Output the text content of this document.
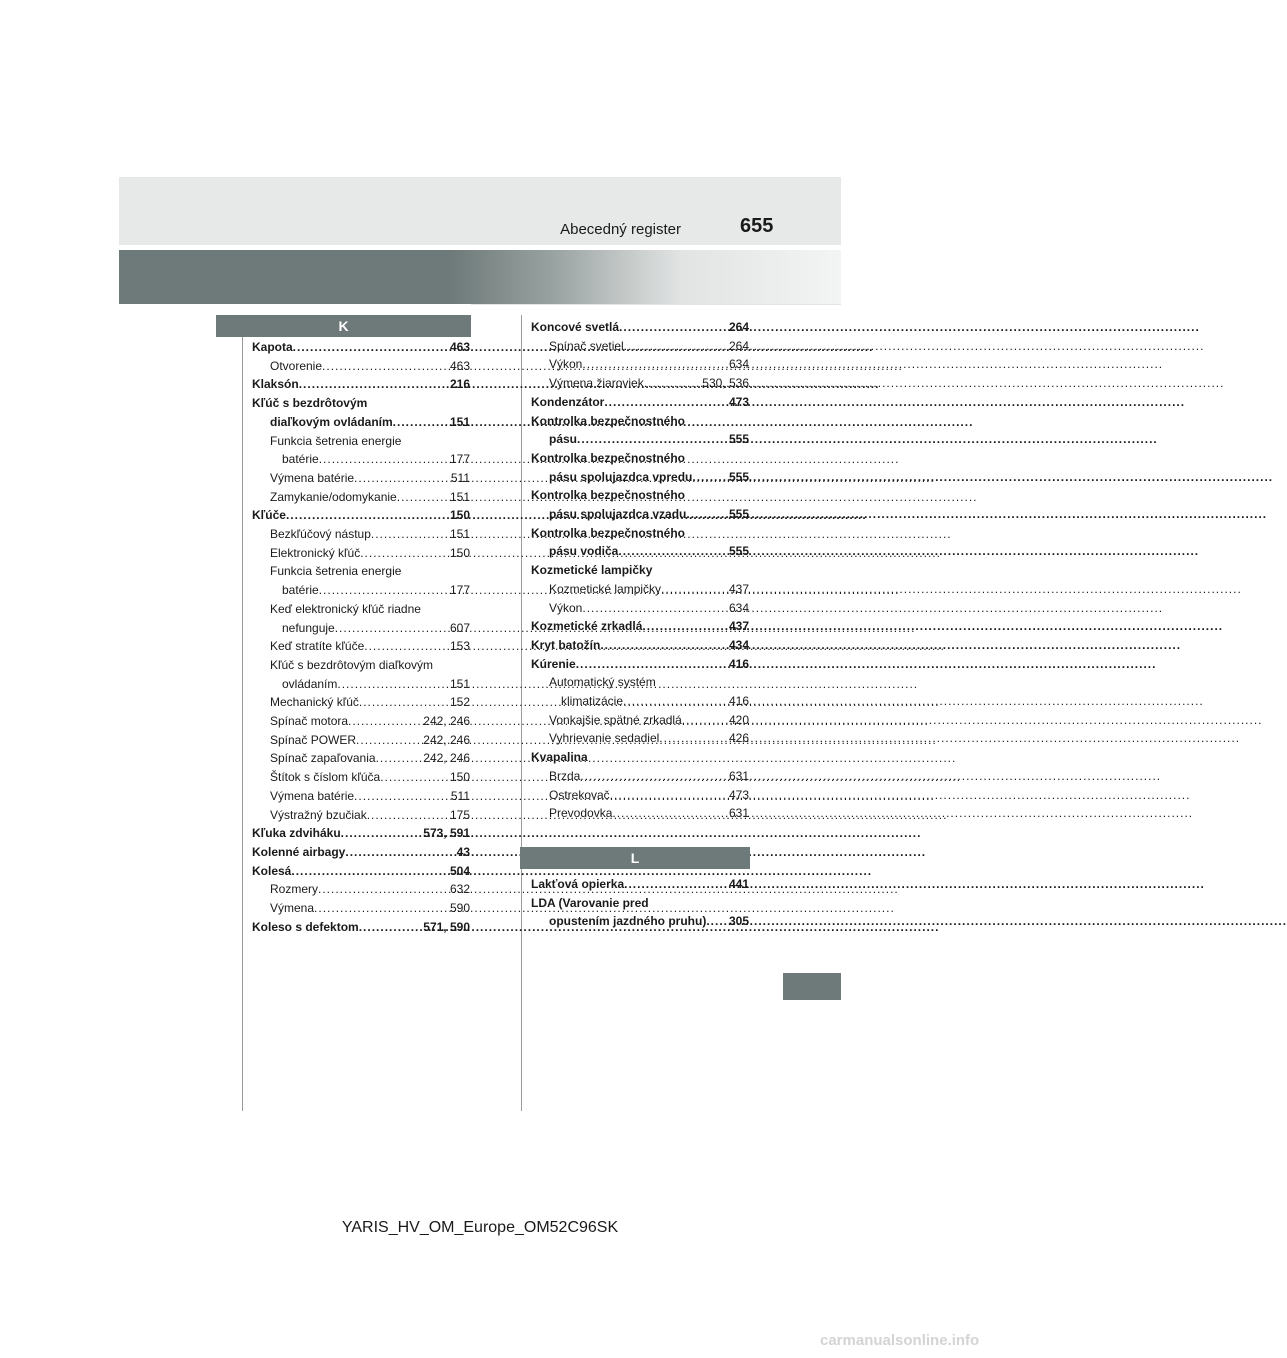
Abecedný register	655
K
Kapota .....	463
Otvorenie .....	463
Klaksón .....	216
Kľúč s bezdrôtovým
diaľkovým ovládaním .....	151
Funkcia šetrenia energie
batérie .....	177
Výmena batérie .....	511
Zamykanie/odomykanie .....	151
Kľúče .....	150
Bezkľúčový nástup .....	151
Elektronický kľúč .....	150
Funkcia šetrenia energie
batérie .....	177
Keď elektronický kľúč riadne
nefunguje .....	607
Keď stratíte kľúče .....	153
Kľúč s bezdrôtovým diaľkovým
ovládaním .....	151
Mechanický kľúč .....	152
Spínač motora .....	242, 246
Spínač POWER .....	242, 246
Spínač zapaľovania .....	242, 246
Štítok s číslom kľúča .....	150
Výmena batérie .....	511
Výstražný bzučiak .....	175
Kľuka zdviháku .....	573, 591
Kolenné airbagy .....	43
Kolesá .....	504
Rozmery .....	632
Výmena .....	590
Koleso s defektom .....	571, 590
Koncové svetlá .....	264
Spínač svetiel .....	264
Výkon .....	634
Výmena žiaroviek .....	530, 536
Kondenzátor .....	473
Kontrolka bezpečnostného
pásu .....	555
Kontrolka bezpečnostného
pásu spolujazdca vpredu .....	555
Kontrolka bezpečnostného
pásu spolujazdca vzadu .....	555
Kontrolka bezpečnostného
pásu vodiča .....	555
Kozmetické lampičky
Kozmetické lampičky .....	437
Výkon .....	634
Kozmetické zrkadlá .....	437
Kryt batožín .....	434
Kúrenie .....	416
Automatický systém
klimatizácie .....	416
Vonkajšie spätné zrkadlá .....	420
Vyhrievanie sedadiel .....	426
Kvapalina
Brzda .....	631
Ostrekovač .....	473
Prevodovka .....	631
L
Lakťová opierka .....	441
LDA (Varovanie pred
opustením jazdného pruhu) ..... 305
YARIS_HV_OM_Europe_OM52C96SK
carmanualsonline.info
